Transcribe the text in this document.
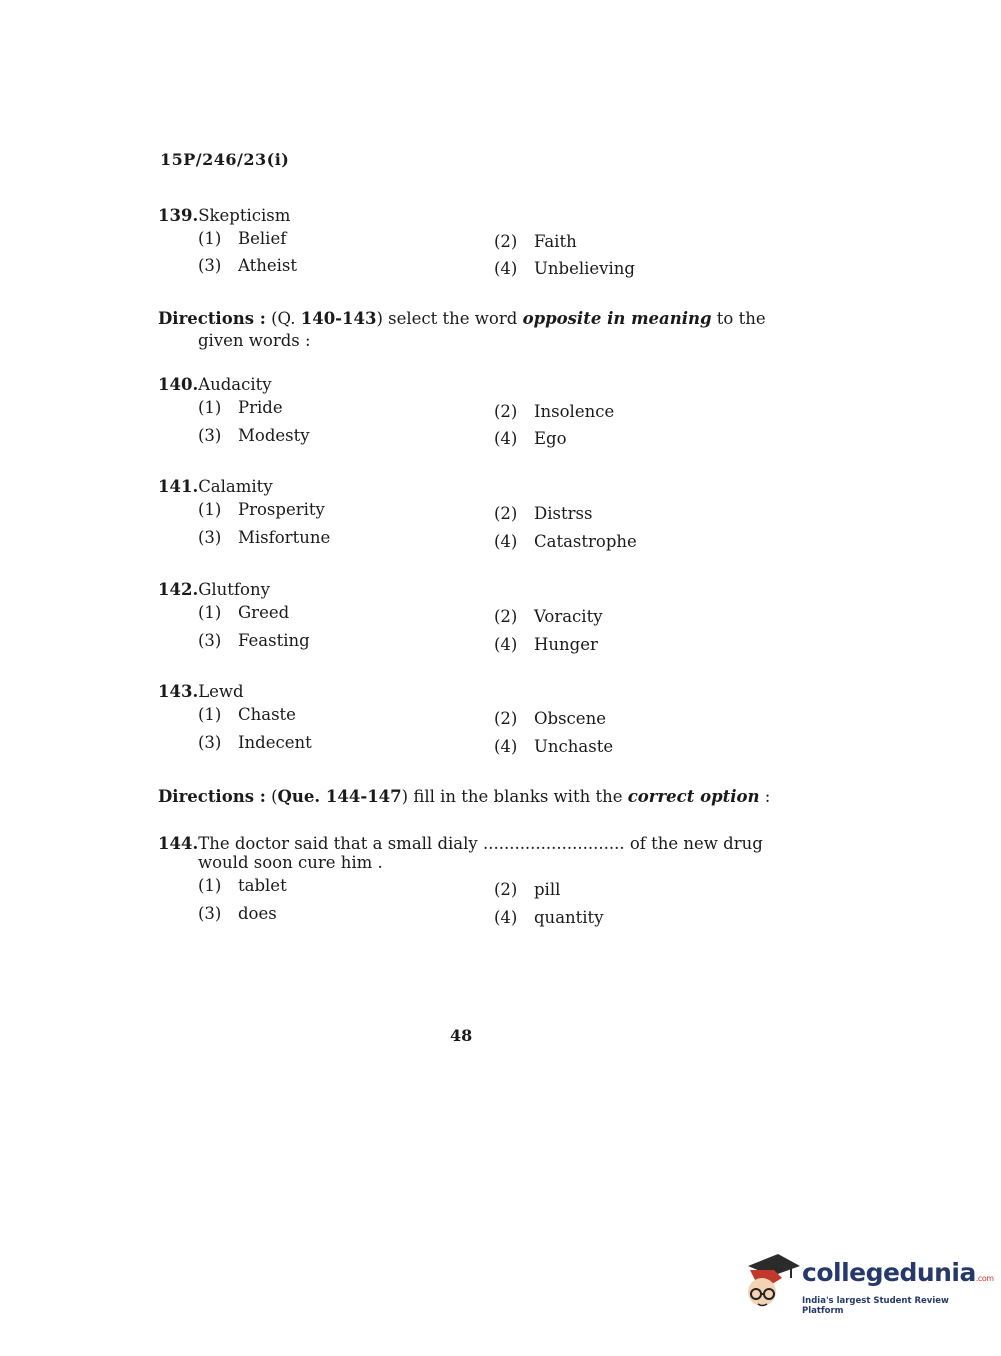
15P/246/23(i)
139.Skepticism
(1) Belief	(2) Faith
(3) Atheist	(4) Unbelieving
Directions : (Q. 140-143) select the word opposite in meaning to the
given words :
140.Audacity
(1) Pride	(2) Insolence
(3) Modesty	(4) Ego
141.Calamity
(1) Prosperity	(2) Distrss
(3) Misfortune	(4) Catastrophe
142.Glutfony
(1) Greed	(2) Voracity
(3) Feasting	(4) Hunger
143.Lewd
(1) Chaste	(2) Obscene
(3) Indecent	(4) Unchaste
Directions : (Que. 144-147) fill in the blanks with the correct option :
144.The doctor said that a small dialy ........................... of the new drug
would soon cure him .
(1) tablet	(2) pill
(3) does	(4) quantity
48
collegedunia.com
India's largest Student Review Platform
